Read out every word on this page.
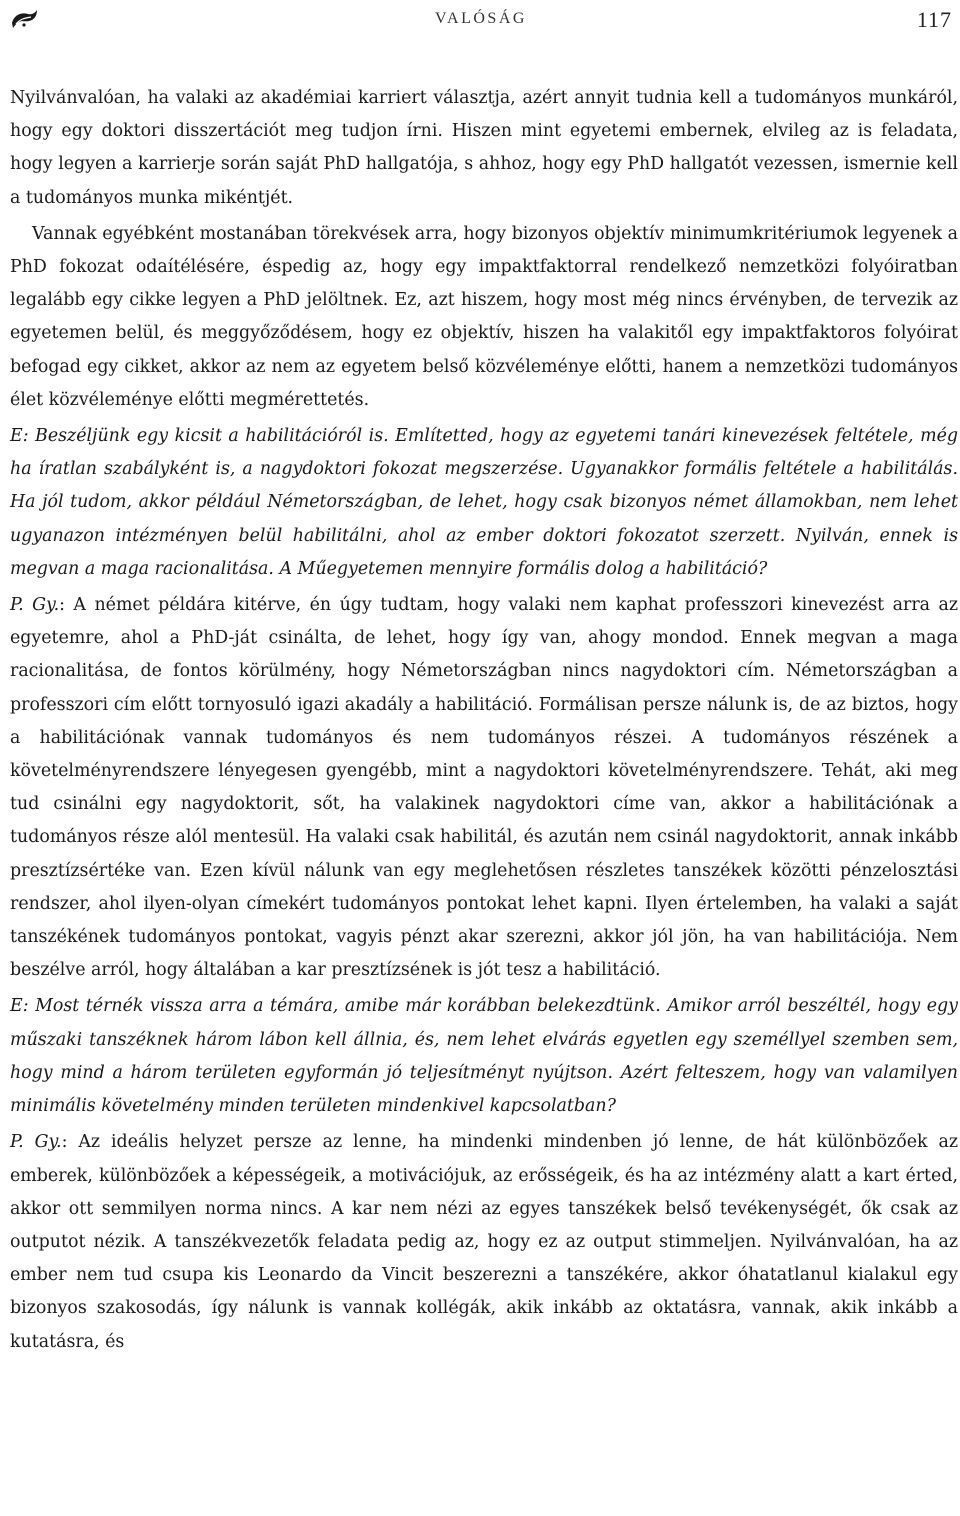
VALÓSÁG	117

Nyilvánvalóan, ha valaki az akadémiai karriert választja, azért annyit tudnia kell a tudományos munkáról, hogy egy doktori disszertációt meg tudjon írni. Hiszen mint egyetemi embernek, elvileg az is feladata, hogy legyen a karrierje során saját PhD hallgatója, s ahhoz, hogy egy PhD hallgatót vezessen, ismernie kell a tudományos munka mikéntjét.

Vannak egyébként mostanában törekvések arra, hogy bizonyos objektív minimumkritériumok legyenek a PhD fokozat odaítélésére, éspedig az, hogy egy impaktfaktorral rendelkező nemzetközi folyóiratban legalább egy cikke legyen a PhD jelöltnek. Ez, azt hiszem, hogy most még nincs érvényben, de tervezik az egyetemen belül, és meggyőződésem, hogy ez objektív, hiszen ha valakitől egy impaktfaktoros folyóirat befogad egy cikket, akkor az nem az egyetem belső közvéleménye előtti, hanem a nemzetközi tudományos élet közvéleménye előtti megmérettetés.

E: Beszéljünk egy kicsit a habilitációról is. Említetted, hogy az egyetemi tanári kinevezések feltétele, még ha íratlan szabályként is, a nagydoktori fokozat megszerzése. Ugyanakkor formális feltétele a habilitálás. Ha jól tudom, akkor például Németországban, de lehet, hogy csak bizonyos német államokban, nem lehet ugyanazon intézményen belül habilitálni, ahol az ember doktori fokozatot szerzett. Nyilván, ennek is megvan a maga racionalitása. A Műegyetemen mennyire formális dolog a habilitáció?

P. Gy.: A német példára kitérve, én úgy tudtam, hogy valaki nem kaphat professzori kinevezést arra az egyetemre, ahol a PhD-ját csinálta, de lehet, hogy így van, ahogy mondod. Ennek megvan a maga racionalitása, de fontos körülmény, hogy Németországban nincs nagydoktori cím. Németországban a professzori cím előtt tornyosuló igazi akadály a habilitáció. Formálisan persze nálunk is, de az biztos, hogy a habilitációnak vannak tudományos és nem tudományos részei. A tudományos részének a követelményrendszere lényegesen gyengébb, mint a nagydoktori követelményrendszere. Tehát, aki meg tud csinálni egy nagydoktorit, sőt, ha valakinek nagydoktori címe van, akkor a habilitációnak a tudományos része alól mentesül. Ha valaki csak habilitál, és azután nem csinál nagydoktorit, annak inkább presztízsértéke van. Ezen kívül nálunk van egy meglehetősen részletes tanszékek közötti pénzelosztási rendszer, ahol ilyen-olyan címekért tudományos pontokat lehet kapni. Ilyen értelemben, ha valaki a saját tanszékének tudományos pontokat, vagyis pénzt akar szerezni, akkor jól jön, ha van habilitációja. Nem beszélve arról, hogy általában a kar presztízsének is jót tesz a habilitáció.

E: Most térnék vissza arra a témára, amibe már korábban belekezdtünk. Amikor arról beszéltél, hogy egy műszaki tanszéknek három lábon kell állnia, és, nem lehet elvárás egyetlen egy személlyel szemben sem, hogy mind a három területen egyformán jó teljesítményt nyújtson. Azért felteszem, hogy van valamilyen minimális követelmény minden területen mindenkivel kapcsolatban?

P. Gy.: Az ideális helyzet persze az lenne, ha mindenki mindenben jó lenne, de hát különbözőek az emberek, különbözőek a képességeik, a motivációjuk, az erősségeik, és ha az intézmény alatt a kart érted, akkor ott semmilyen norma nincs. A kar nem nézi az egyes tanszékek belső tevékenységét, ők csak az outputot nézik. A tanszékvezetők feladata pedig az, hogy ez az output stimmeljen. Nyilvánvalóan, ha az ember nem tud csupa kis Leonardo da Vincit beszerezni a tanszékére, akkor óhatatlanul kialakul egy bizonyos szakosodás, így nálunk is vannak kollégák, akik inkább az oktatásra, vannak, akik inkább a kutatásra, és
